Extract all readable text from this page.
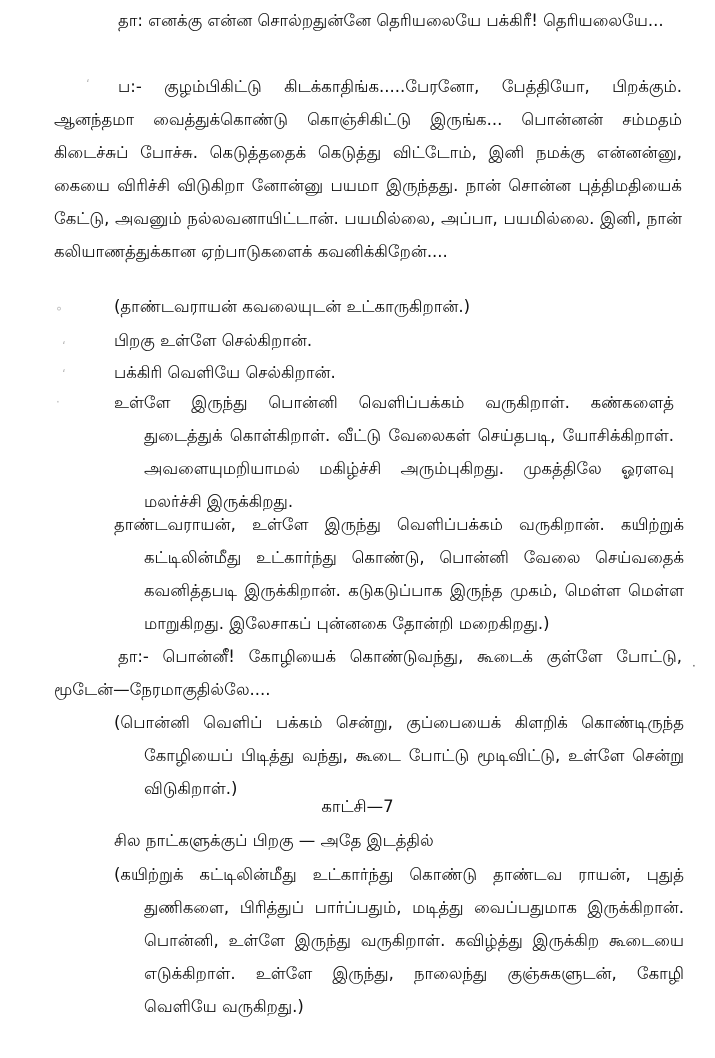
தா: எனக்கு என்ன சொல்றதுன்னே தெரியலையே பக்கிரீ! தெரியலையே...

ப:- குழம்பிகிட்டு கிடக்காதிங்க.....பேரனோ, பேத்தியோ, பிறக்கும். ஆனந்தமா வைத்துக்கொண்டு கொஞ்சிகிட்டு இருங்க... பொன்னன் சம்மதம் கிடைச்சுப் போச்சு. கெடுத்ததைக் கெடுத்து விட்டோம், இனி நமக்கு என்னன்னு, கையை விரிச்சி விடுகிறா னோன்னு பயமா இருந்தது. நான் சொன்ன புத்திமதியைக் கேட்டு, அவனும் நல்லவனாயிட்டான். பயமில்லை, அப்பா, பயமில்லை. இனி, நான் கலியாணத்துக்கான ஏற்பாடுகளைக் கவனிக்கிறேன்....

(தாண்டவராயன் கவலையுடன் உட்காருகிறான்.)

பிறகு உள்ளே செல்கிறான்.

பக்கிரி வெளியே செல்கிறான்.

உள்ளே இருந்து பொன்னி வெளிப்பக்கம் வருகிறாள். கண்களைத் துடைத்துக் கொள்கிறாள். வீட்டு வேலைகள் செய்தபடி, யோசிக்கிறாள். அவளையுமறியாமல் மகிழ்ச்சி அரும்புகிறது. முகத்திலே ஓரளவு மலர்ச்சி இருக்கிறது.

தாண்டவராயன், உள்ளே இருந்து வெளிப்பக்கம் வருகிறான். கயிற்றுக் கட்டிலின்மீது உட்கார்ந்து கொண்டு, பொன்னி வேலை செய்வதைக் கவனித்தபடி இருக்கிறான். கடுகடுப்பாக இருந்த முகம், மெள்ள மெள்ள மாறுகிறது. இலேசாகப் புன்னகை தோன்றி மறைகிறது.)

தா:- பொன்னீ! கோழியைக் கொண்டுவந்து, கூடைக் குள்ளே போட்டு, மூடேன்—நேரமாகுதில்லே....

(பொன்னி வெளிப் பக்கம் சென்று, குப்பையைக் கிளறிக் கொண்டிருந்த கோழியைப் பிடித்து வந்து, கூடை போட்டு மூடிவிட்டு, உள்ளே சென்று விடுகிறாள்.)

காட்சி—7

சில நாட்களுக்குப் பிறகு — அதே இடத்தில்

(கயிற்றுக் கட்டிலின்மீது உட்கார்ந்து கொண்டு தாண்டவ ராயன், புதுத் துணிகளை, பிரித்துப் பார்ப்பதும், மடித்து வைப்பதுமாக இருக்கிறான். பொன்னி, உள்ளே இருந்து வருகிறாள். கவிழ்த்து இருக்கிற கூடையை எடுக்கிறாள். உள்ளே இருந்து, நாலைந்து குஞ்சுகளுடன், கோழி வெளியே வருகிறது.)

‘
°
‘
‘
·
·
